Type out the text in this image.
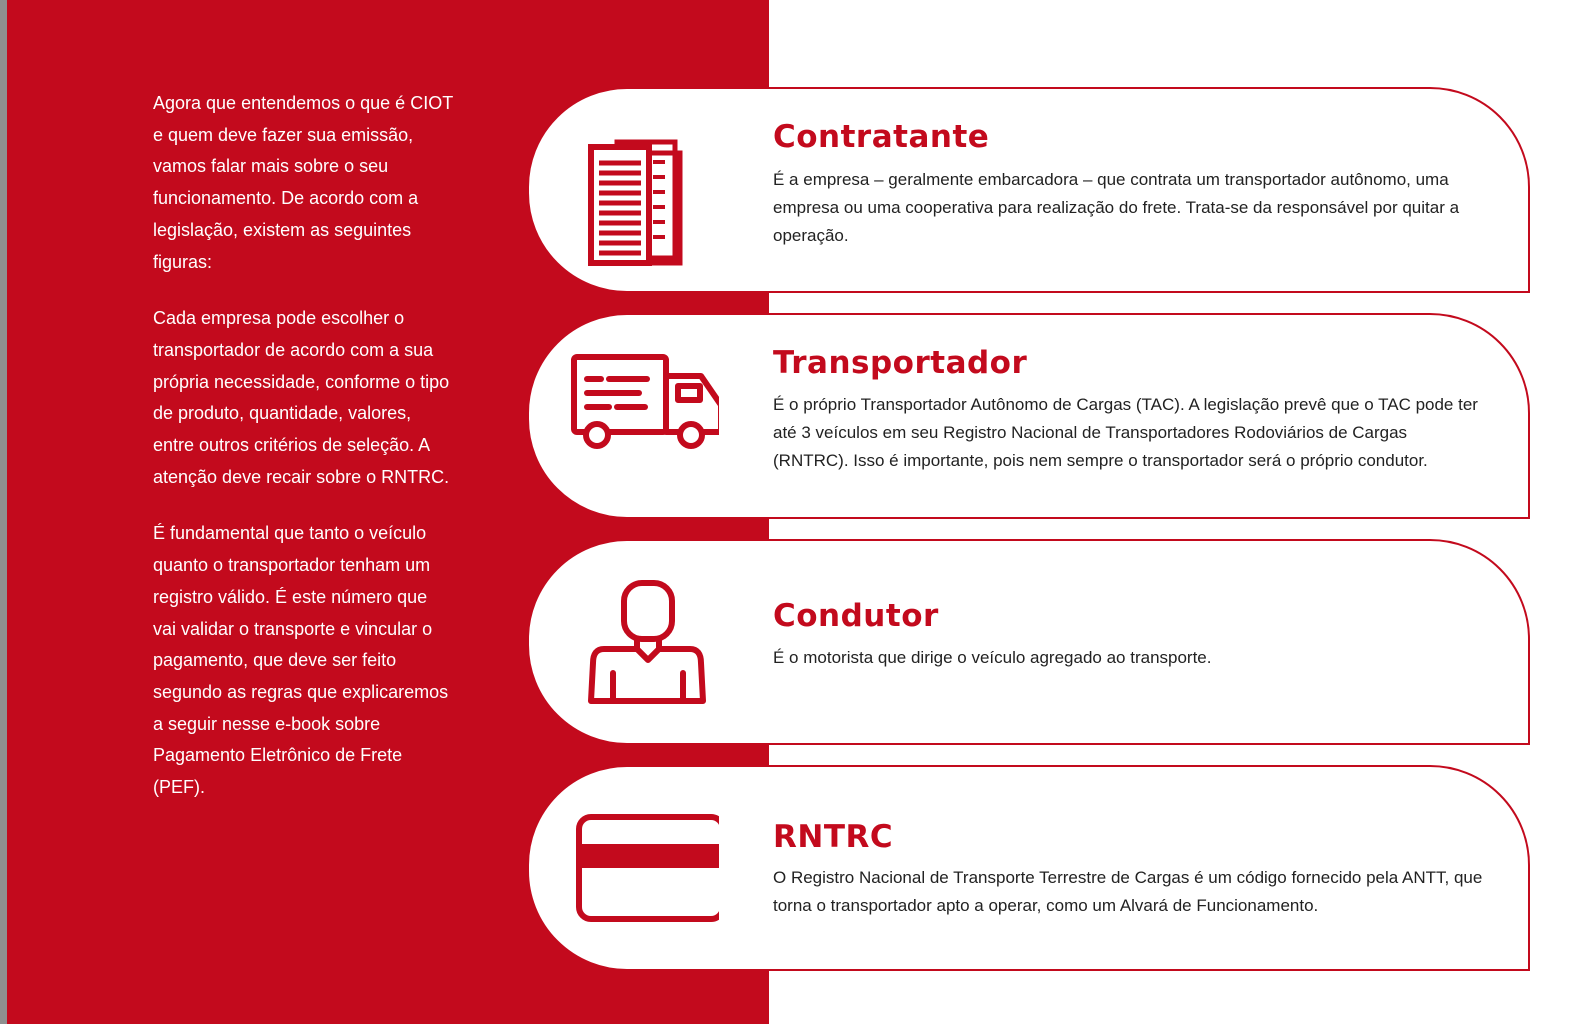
Agora que entendemos o que é CIOT e quem deve fazer sua emissão, vamos falar mais sobre o seu funcionamento. De acordo com a legislação, existem as seguintes figuras:

Cada empresa pode escolher o transportador de acordo com a sua própria necessidade, conforme o tipo de produto, quantidade, valores, entre outros critérios de seleção. A atenção deve recair sobre o RNTRC.

É fundamental que tanto o veículo quanto o transportador tenham um registro válido. É este número que vai validar o transporte e vincular o pagamento, que deve ser feito segundo as regras que explicaremos a seguir nesse e-book sobre Pagamento Eletrônico de Frete (PEF).

Contratante

É a empresa – geralmente embarcadora – que contrata um transportador autônomo, uma empresa ou uma cooperativa para realização do frete. Trata-se da responsável por quitar a operação.

Transportador

É o próprio Transportador Autônomo de Cargas (TAC). A legislação prevê que o TAC pode ter até 3 veículos em seu Registro Nacional de Transportadores Rodoviários de Cargas (RNTRC). Isso é importante, pois nem sempre o transportador será o próprio condutor.

Condutor

É o motorista que dirige o veículo agregado ao transporte.

RNTRC

O Registro Nacional de Transporte Terrestre de Cargas é um código fornecido pela ANTT, que torna o transportador apto a operar, como um Alvará de Funcionamento.
